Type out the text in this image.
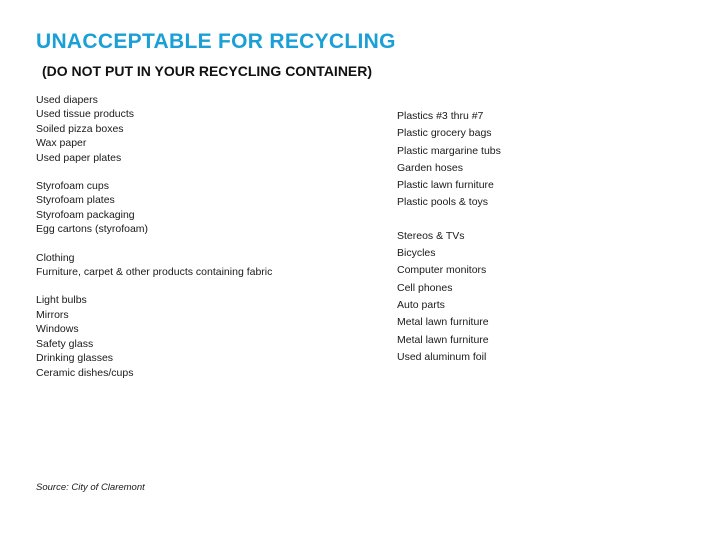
UNACCEPTABLE FOR RECYCLING
(DO NOT PUT IN YOUR RECYCLING CONTAINER)
Used diapers
Used tissue products
Soiled pizza boxes
Wax paper
Used paper plates
Styrofoam cups
Styrofoam plates
Styrofoam packaging
Egg cartons (styrofoam)
Clothing
Furniture, carpet & other products containing fabric
Light bulbs
Mirrors
Windows
Safety glass
Drinking glasses
Ceramic dishes/cups
Plastics #3 thru #7
Plastic grocery bags
Plastic margarine tubs
Garden hoses
Plastic lawn furniture
Plastic pools & toys
Stereos & TVs
Bicycles
Computer monitors
Cell phones
Auto parts
Metal lawn furniture
Metal lawn furniture
Used aluminum foil
Source: City of Claremont
